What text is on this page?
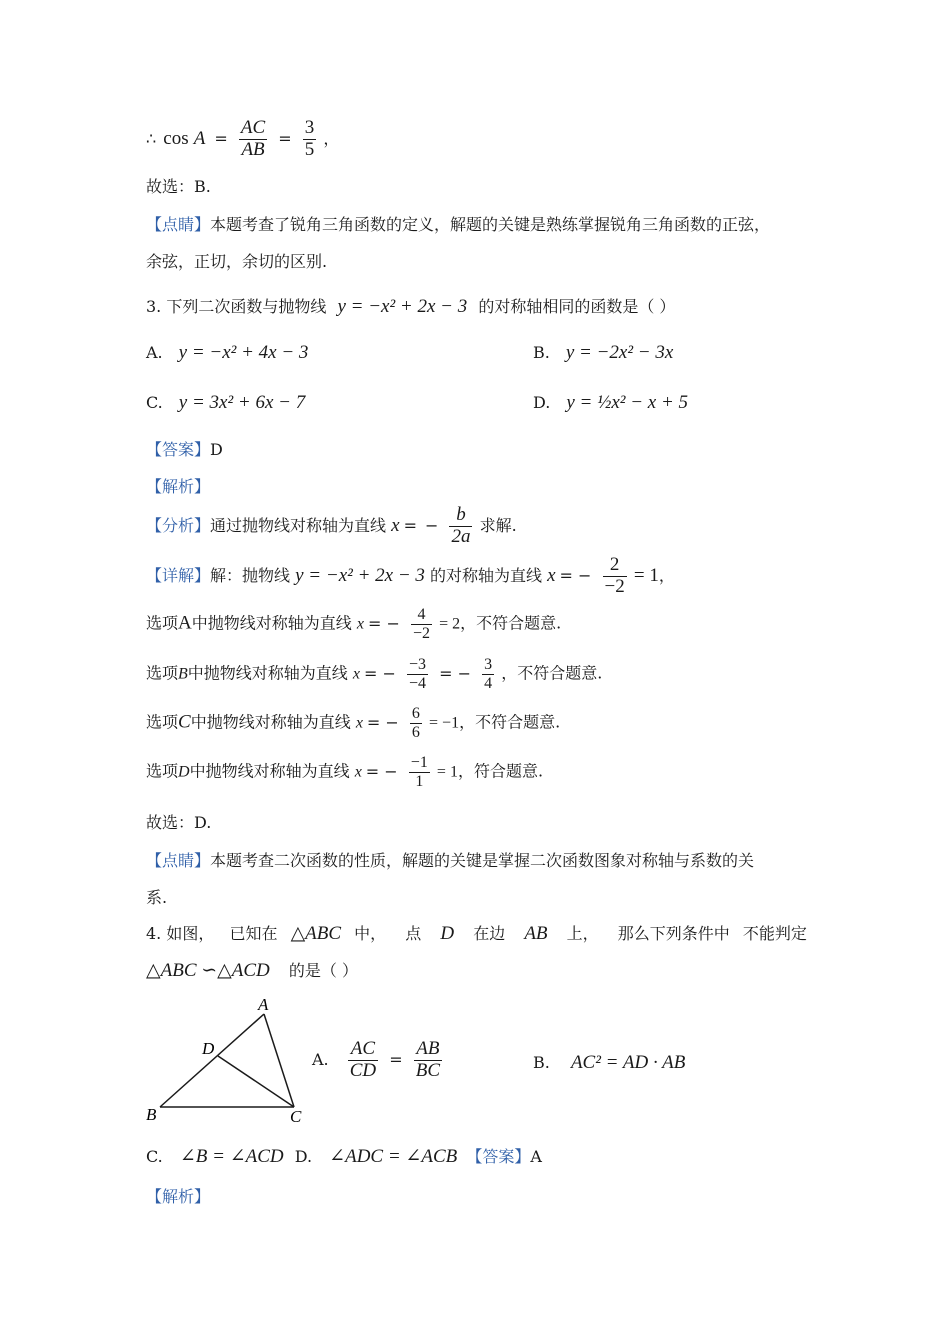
∴ $\cos A = \frac{AC}{AB} = \frac{3}{5}$ ，
故选：B.
【点睛】本题考查了锐角三角函数的定义，解题的关键是熟练掌握锐角三角函数的正弦，
余弦，正切，余切的区别.
3. 下列二次函数与抛物线 y = −x² + 2x − 3 的对称轴相同的函数是（ ）
A. y = −x² + 4x − 3	B. y = −2x² − 3x
C. y = 3x² + 6x − 7	D. y = ½x² − x + 5
【答案】D
【解析】
【分析】通过抛物线对称轴为直线 x = − $\frac{b}{2a}$ 求解.
【详解】解：抛物线 y = −x² + 2x − 3 的对称轴为直线 x = − $\frac{2}{-2} = 1$，
选项A中抛物线对称轴为直线 x = − $\frac{4}{-2} = 2$，不符合题意.
选项B中抛物线对称轴为直线 x = − $\frac{-3}{-4}$ = − $\frac{3}{4}$ ，不符合题意.
选项C中抛物线对称轴为直线 x = − $\frac{6}{6} = -1$，不符合题意.
选项D中抛物线对称轴为直线 x = − $\frac{-1}{1} = 1$，符合题意.
故选：D.
【点睛】本题考查二次函数的性质，解题的关键是掌握二次函数图象对称轴与系数的关
系.
4. 如图， 已知在 △ABC 中， 点 D 在边 AB 上， 那么下列条件中 不能判定
△ABC ∽△ACD 的是（ ）
A
D
B	C
A. $\frac{AC}{CD} = \frac{AB}{BC}$	B. AC² = AD · AB
C. ∠B = ∠ACD D. ∠ADC = ∠ACB 【答案】A
【解析】
